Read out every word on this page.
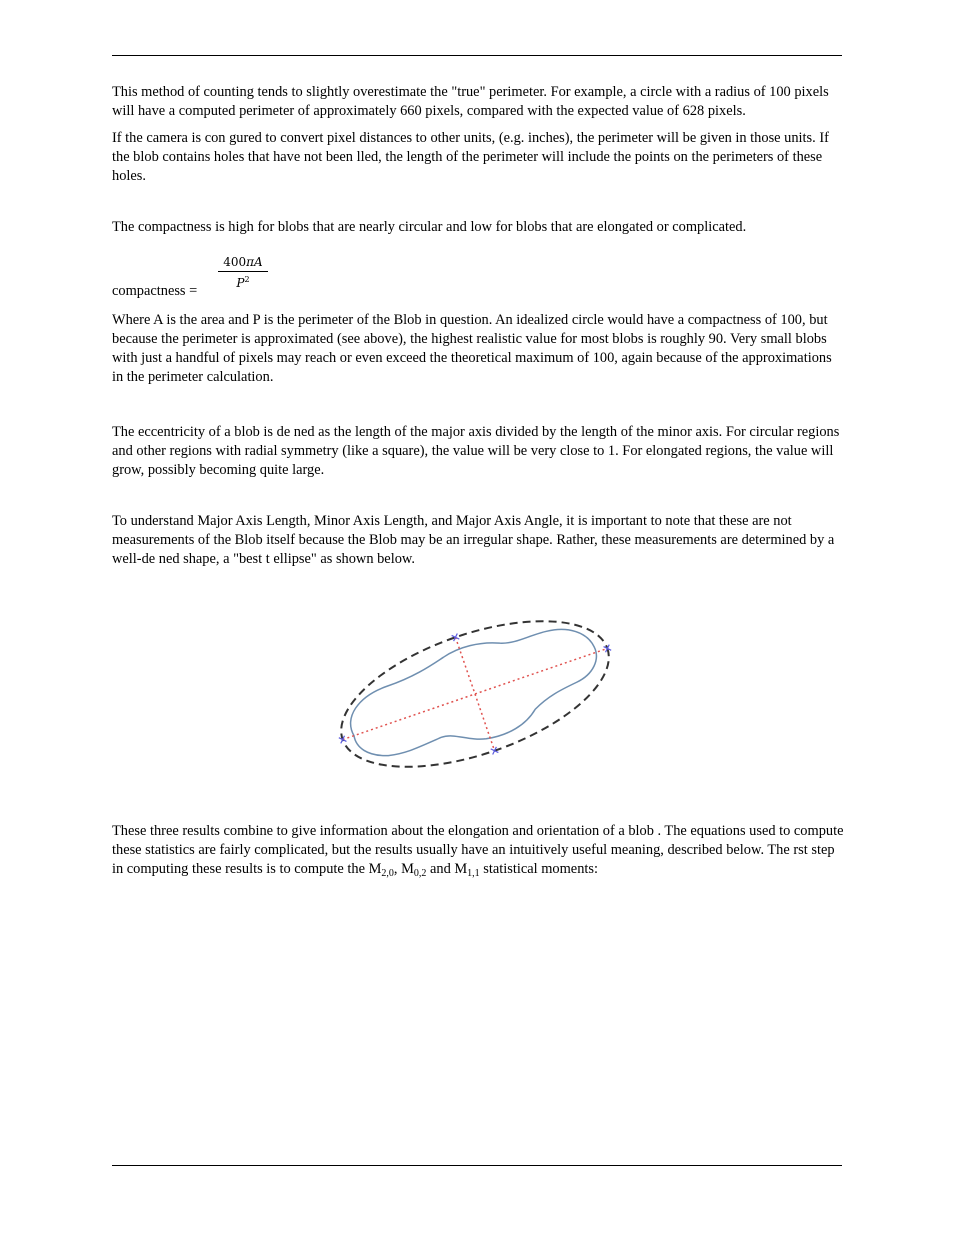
This method of counting tends to slightly overestimate the "true" perimeter. For example, a circle with a radius of 100 pixels will have a computed perimeter of approximately 660 pixels, compared with the expected value of 628 pixels.

If the camera is con gured to convert pixel distances to other units, (e.g. inches), the perimeter will be given in those units. If the blob contains holes that have not been lled, the length of the perimeter will include the points on the perimeters of these holes.

The compactness is high for blobs that are nearly circular and low for blobs that are elongated or complicated.

compactness =
$\frac{400\pi A}{P^2}$

Where A is the area and P is the perimeter of the Blob in question. An idealized circle would have a compactness of 100, but because the perimeter is approximated (see above), the highest realistic value for most blobs is roughly 90. Very small blobs with just a handful of pixels may reach or even exceed the theoretical maximum of 100, again because of the approximations in the perimeter calculation.

The eccentricity of a blob is de ned as the length of the major axis divided by the length of the minor axis. For circular regions and other regions with radial symmetry (like a square), the value will be very close to 1. For elongated regions, the value will grow, possibly becoming quite large.

To understand Major Axis Length, Minor Axis Length, and Major Axis Angle, it is important to note that these are not measurements of the Blob itself because the Blob may be an irregular shape. Rather, these measurements are determined by a well-de ned shape, a "best t ellipse" as shown below.

These three results combine to give information about the elongation and orientation of a blob . The equations used to compute these statistics are fairly complicated, but the results usually have an intuitively useful meaning, described below. The rst step in computing these results is to compute the $M_{2,0}$, $M_{0,2}$ and $M_{1,1}$ statistical moments:
